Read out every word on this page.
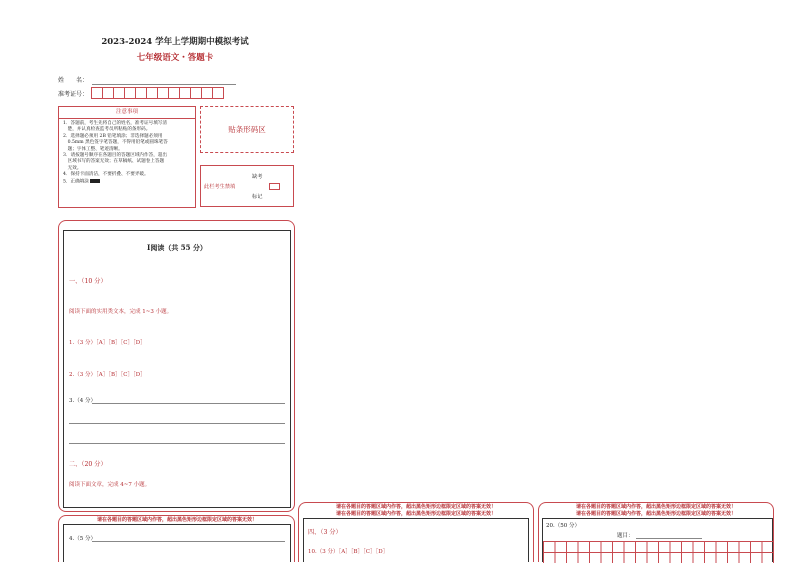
2023-2024 学年上学期期中模拟考试
七年级语文・答题卡
姓　　名：
准考证号：
注意事项
1．答题前，考生先将自己的姓名，准考证号填写清
　楚，并认真检查监考员所粘贴的条形码。
2．选择题必须用 2B 铅笔填涂；非选择题必须用
　0.5mm 黑色签字笔答题，不得用铅笔或圆珠笔答
　题；字体工整、笔迹清晰。
3．请按题号顺序在各题目的答题区域内作答，超出
　区域书写的答案无效；在草稿纸、试题卷上答题
　无效。
4．保持卡面清洁，不要折叠、不要弄破。
5．正确填涂
贴条形码区
此栏考生禁填
缺考
标记
Ⅰ阅读（共 55 分）
一、（10 分）
阅读下面的实用类文本，完成 1~3 小题。
1.（3 分）［A］［B］［C］［D］
2.（3 分）［A］［B］［C］［D］
3.（4 分）
二、（20 分）
阅读下面文章，完成 4~7 小题。
请在各题目的答题区域内作答，超出黑色矩形边框限定区域的答案无效！
4.（5 分）
请在各题目的答题区域内作答，超出黑色矩形边框限定区域的答案无效！
请在各题目的答题区域内作答，超出黑色矩形边框限定区域的答案无效！
四、（3 分）
10.（3 分）［A］［B］［C］［D］
请在各题目的答题区域内作答，超出黑色矩形边框限定区域的答案无效！
请在各题目的答题区域内作答，超出黑色矩形边框限定区域的答案无效！
20.（50 分）
题目：
